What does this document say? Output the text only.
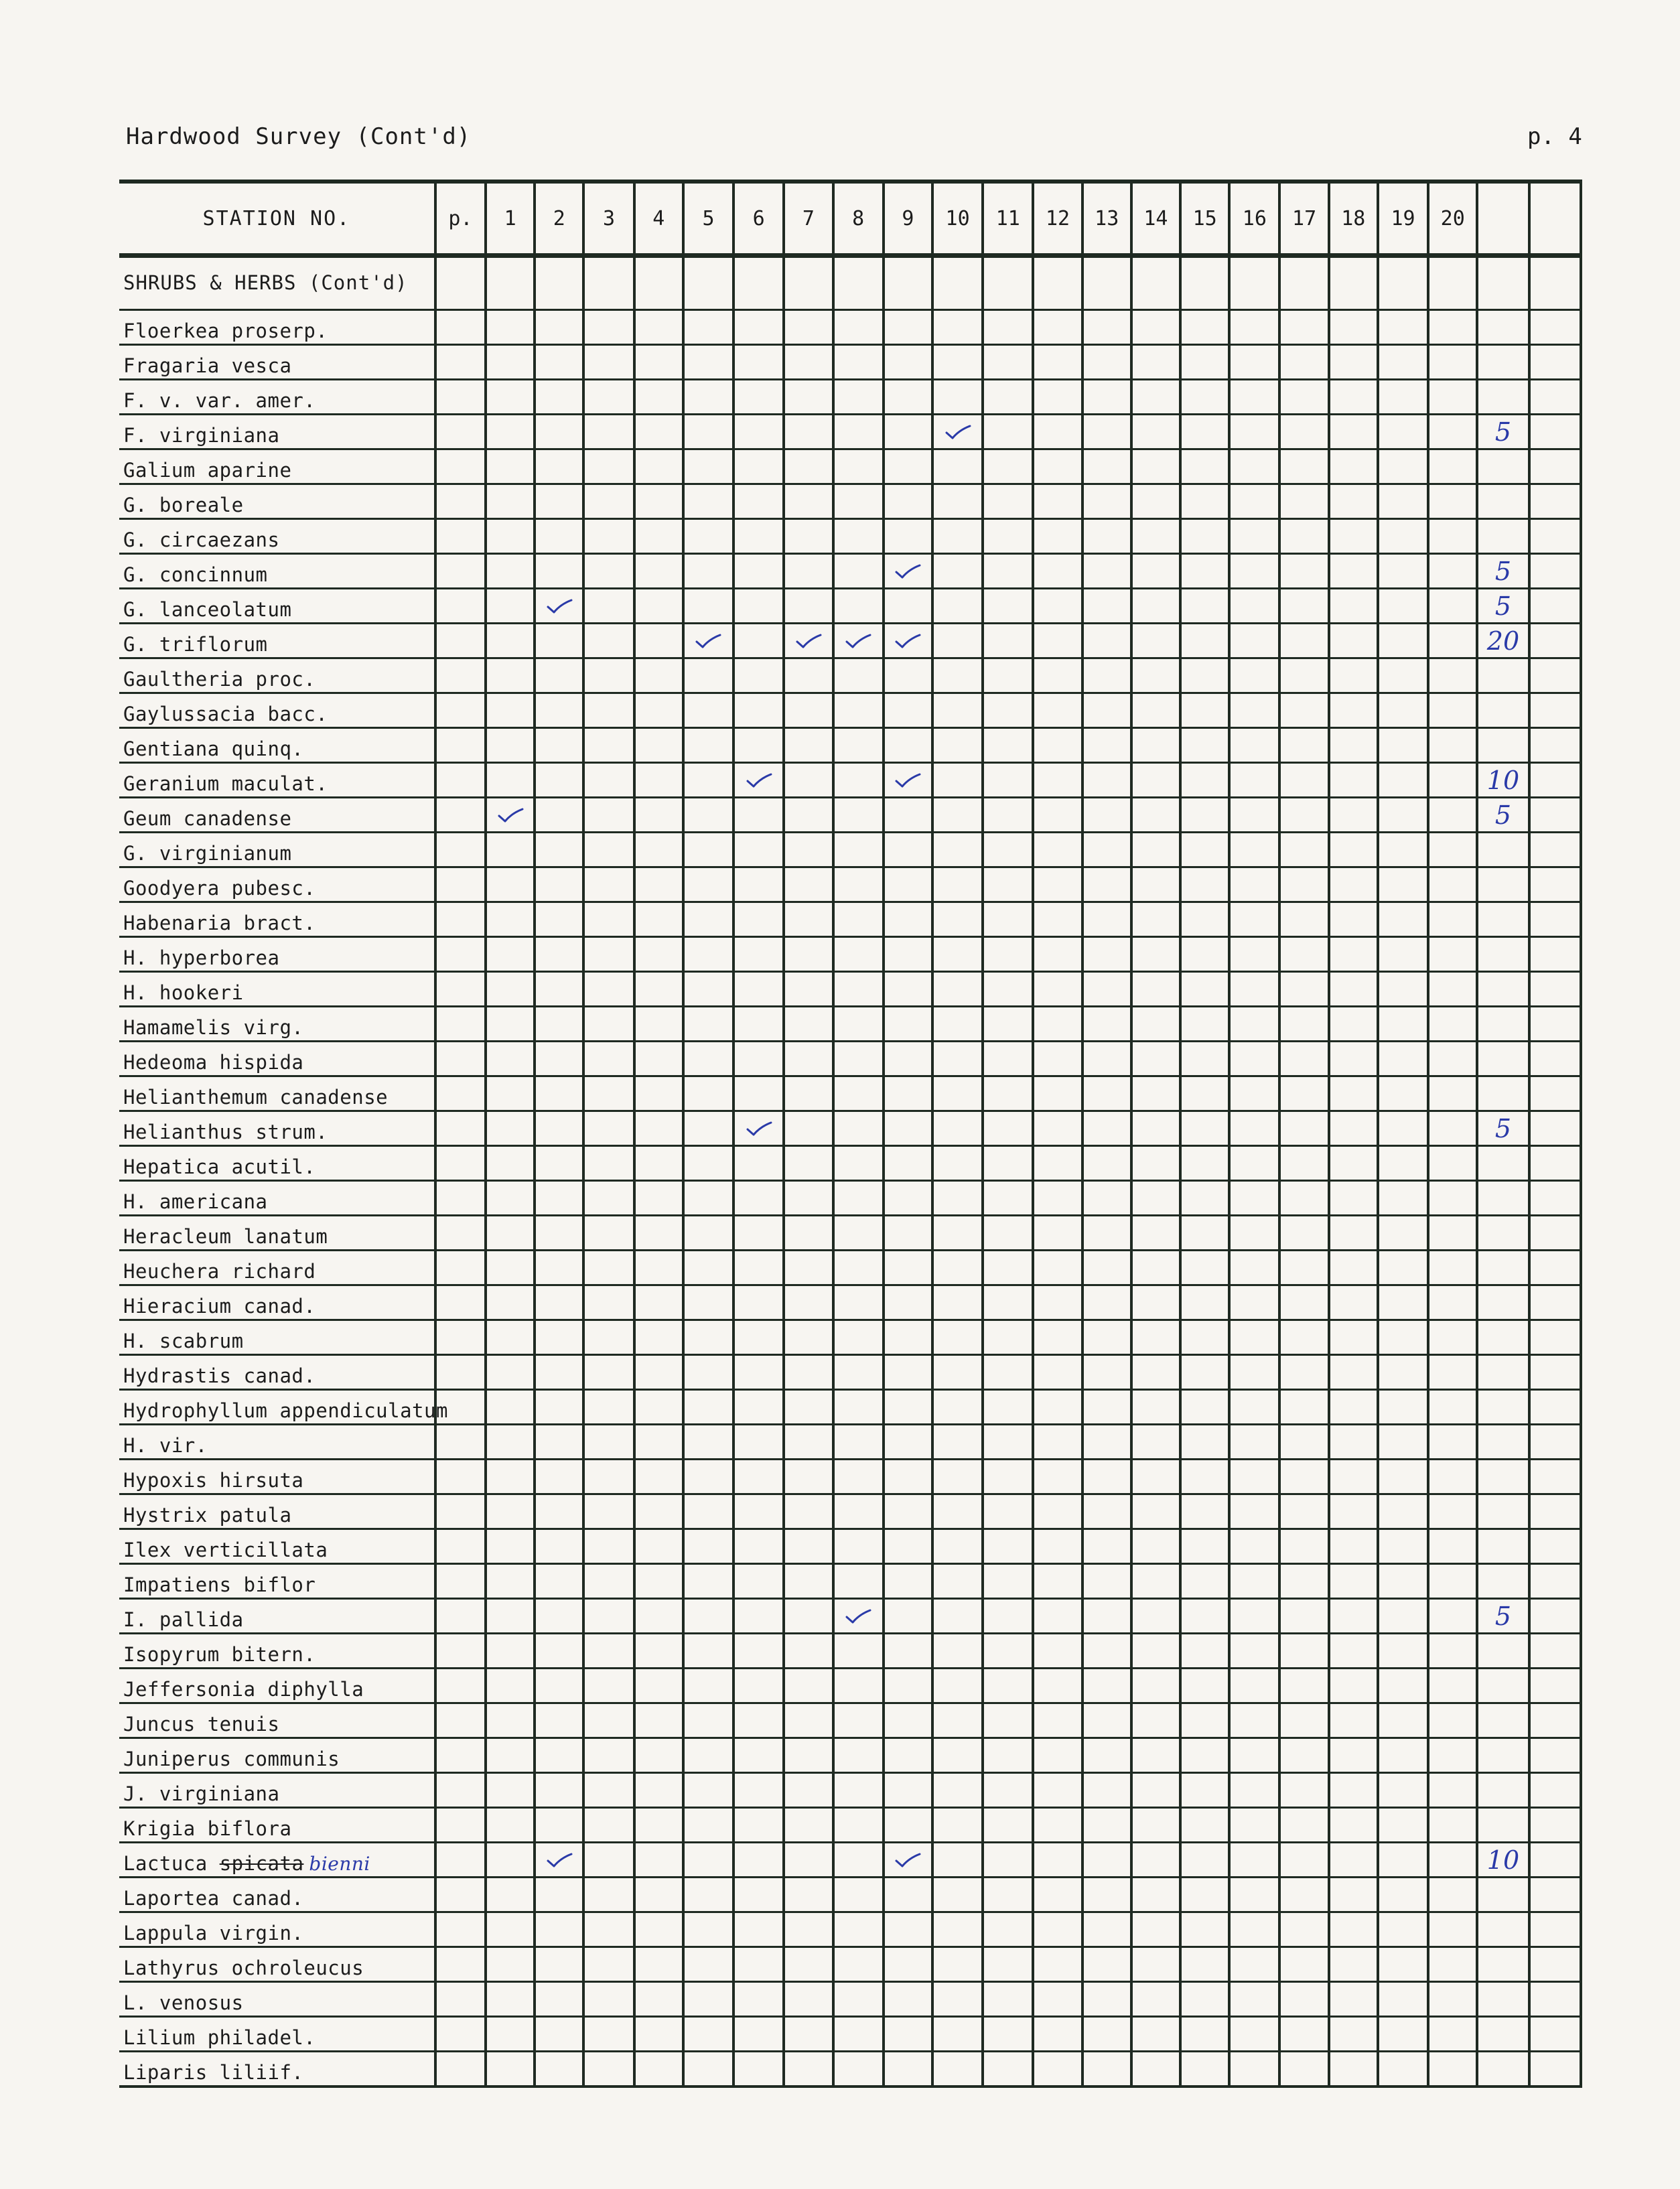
Hardwood Survey (Cont'd)	p. 4
STATION NO.	p.	1	2	3	4	5	6	7	8	9	10	11	12	13	14	15	16	17	18	19	20		
SHRUBS & HERBS (Cont'd)																							
Floerkea proserp.																							
Fragaria vesca																							
F. v. var. amer.																							
F. virginiana																						5	
Galium aparine																							
G. boreale																							
G. circaezans																							
G. concinnum																						5	
G. lanceolatum																						5	
G. triflorum																						20	
Gaultheria proc.																							
Gaylussacia bacc.																							
Gentiana quinq.																							
Geranium maculat.																						10	
Geum canadense																						5	
G. virginianum																							
Goodyera pubesc.																							
Habenaria bract.																							
H. hyperborea																							
H. hookeri																							
Hamamelis virg.																							
Hedeoma hispida																							
Helianthemum canadense																							
Helianthus strum.																						5	
Hepatica acutil.																							
H. americana																							
Heracleum lanatum																							
Heuchera richard																							
Hieracium canad.																							
H. scabrum																							
Hydrastis canad.																							
Hydrophyllum appendiculatum																							
H. vir.																							
Hypoxis hirsuta																							
Hystrix patula																							
Ilex verticillata																							
Impatiens biflor																							
I. pallida																						5	
Isopyrum bitern.																							
Jeffersonia diphylla																							
Juncus tenuis																							
Juniperus communis																							
J. virginiana																							
Krigia biflora																							
Lactuca spicata bienni																						10	
Laportea canad.																							
Lappula virgin.																							
Lathyrus ochroleucus																							
L. venosus																							
Lilium philadel.																							
Liparis liliif.																							
